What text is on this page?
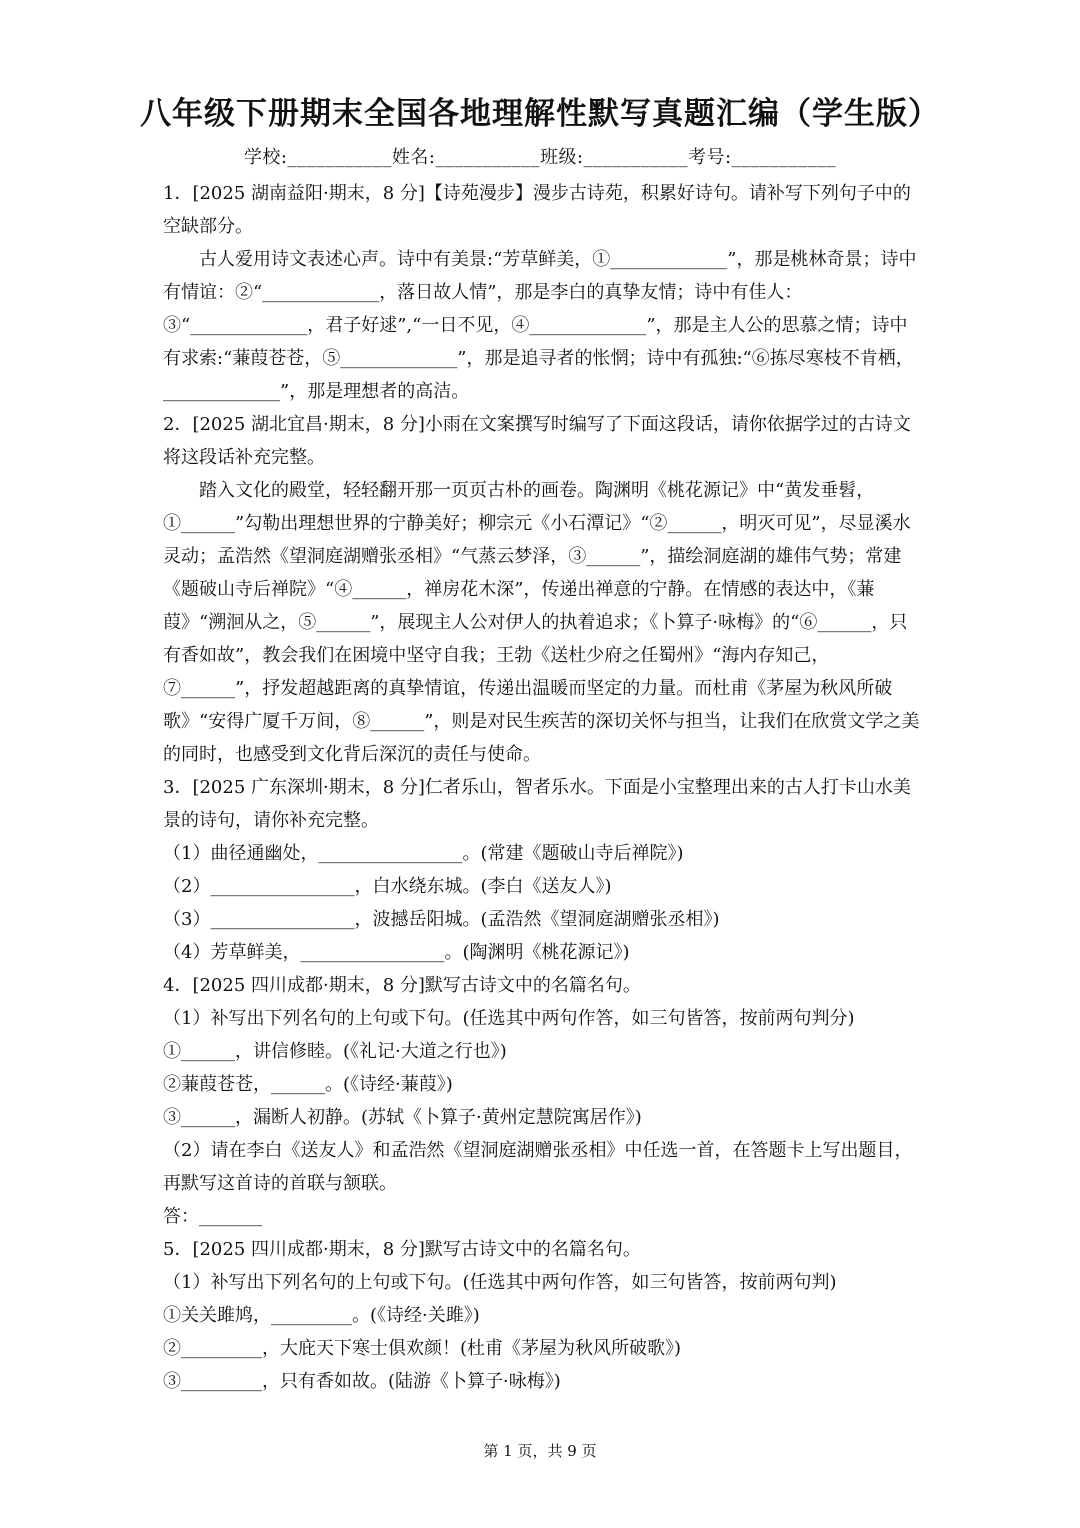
八年级下册期末全国各地理解性默写真题汇编（学生版）
学校:___________姓名:___________班级:___________考号:___________

1．[2025 湖南益阳·期末，8 分]【诗苑漫步】漫步古诗苑，积累好诗句。请补写下列句子中的空缺部分。

古人爱用诗文表述心声。诗中有美景:“芳草鲜美，①_____________”，那是桃林奇景；诗中有情谊：②“_____________，落日故人情”，那是李白的真挚友情；诗中有佳人：③“_____________，君子好逑”,“一日不见，④_____________”，那是主人公的思慕之情；诗中有求索:“蒹葭苍苍，⑤_____________”，那是追寻者的怅惘；诗中有孤独:“⑥拣尽寒枝不肯栖，_____________”，那是理想者的高洁。

2．[2025 湖北宜昌·期末，8 分]小雨在文案撰写时编写了下面这段话，请你依据学过的古诗文将这段话补充完整。

踏入文化的殿堂，轻轻翻开那一页页古朴的画卷。陶渊明《桃花源记》中“黄发垂髫，①______”勾勒出理想世界的宁静美好；柳宗元《小石潭记》“②______，明灭可见”，尽显溪水灵动；孟浩然《望洞庭湖赠张丞相》“气蒸云梦泽，③______”，描绘洞庭湖的雄伟气势；常建《题破山寺后禅院》“④______，禅房花木深”，传递出禅意的宁静。在情感的表达中，《蒹葭》“溯洄从之，⑤______”，展现主人公对伊人的执着追求；《卜算子·咏梅》的“⑥______，只有香如故”，教会我们在困境中坚守自我；王勃《送杜少府之任蜀州》“海内存知己，⑦______”，抒发超越距离的真挚情谊，传递出温暖而坚定的力量。而杜甫《茅屋为秋风所破歌》“安得广厦千万间，⑧______”，则是对民生疾苦的深切关怀与担当，让我们在欣赏文学之美的同时，也感受到文化背后深沉的责任与使命。

3．[2025 广东深圳·期末，8 分]仁者乐山，智者乐水。下面是小宝整理出来的古人打卡山水美景的诗句，请你补充完整。

（1）曲径通幽处，________________。(常建《题破山寺后禅院》)

（2）________________，白水绕东城。(李白《送友人》)

（3）________________，波撼岳阳城。(孟浩然《望洞庭湖赠张丞相》)

（4）芳草鲜美，________________。(陶渊明《桃花源记》)

4．[2025 四川成都·期末，8 分]默写古诗文中的名篇名句。

（1）补写出下列名句的上句或下句。(任选其中两句作答，如三句皆答，按前两句判分)

①______，讲信修睦。(《礼记·大道之行也》)

②蒹葭苍苍，______。(《诗经·蒹葭》)

③______，漏断人初静。(苏轼《卜算子·黄州定慧院寓居作》)

（2）请在李白《送友人》和孟浩然《望洞庭湖赠张丞相》中任选一首，在答题卡上写出题目，再默写这首诗的首联与颔联。

答：_______

5．[2025 四川成都·期末，8 分]默写古诗文中的名篇名句。

（1）补写出下列名句的上句或下句。(任选其中两句作答，如三句皆答，按前两句判)

①关关雎鸠，_________。(《诗经·关雎》)

②_________，大庇天下寒士俱欢颜！(杜甫《茅屋为秋风所破歌》)

③_________，只有香如故。(陆游《卜算子·咏梅》)

第 1 页，共 9 页
